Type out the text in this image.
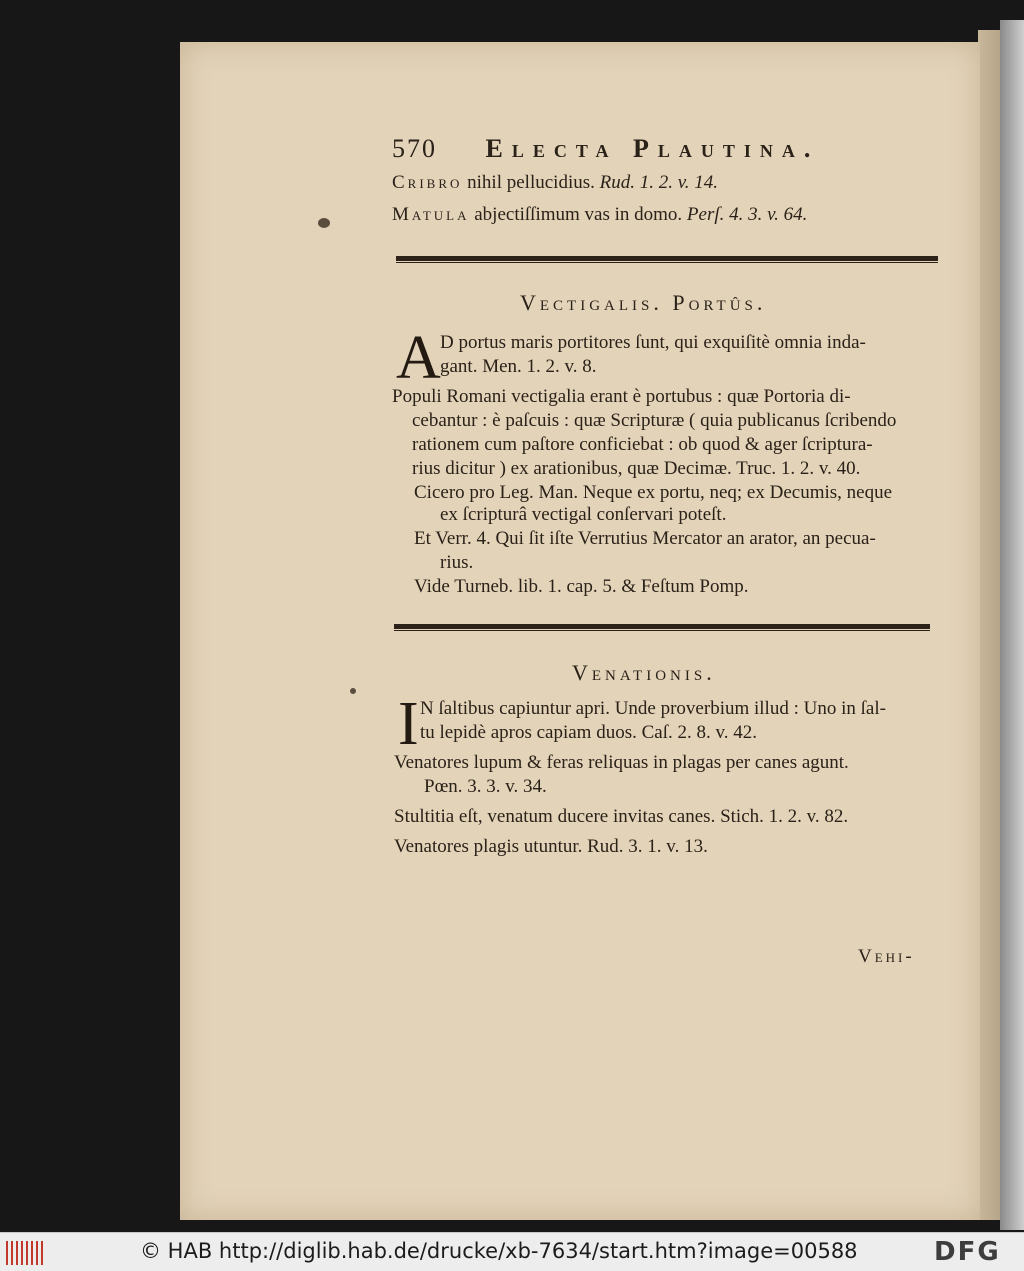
570 Electa Plautina.
Cribro nihil pellucidius. Rud. 1. 2. v. 14.
Matula abjectiſſimum vas in domo. Perſ. 4. 3. v. 64.
Vectigalis. Portûs.
A D portus maris portitores ſunt, qui exquiſitè omnia inda-
gant. Men. 1. 2. v. 8.
Populi Romani vectigalia erant è portubus : quæ Portoria di-
cebantur : è paſcuis : quæ Scripturæ ( quia publicanus ſcribendo
rationem cum paſtore conficiebat : ob quod & ager ſcriptura-
rius dicitur ) ex arationibus, quæ Decimæ. Truc. 1. 2. v. 40.
Cicero pro Leg. Man. Neque ex portu, neq; ex Decumis, neque
ex ſcripturâ vectigal conſervari poteſt.
Et Verr. 4. Qui ſit iſte Verrutius Mercator an arator, an pecua-
rius.
Vide Turneb. lib. 1. cap. 5. & Feſtum Pomp.
Venationis.
I N ſaltibus capiuntur apri. Unde proverbium illud : Uno in ſal-
tu lepidè apros capiam duos. Caſ. 2. 8. v. 42.
Venatores lupum & feras reliquas in plagas per canes agunt.
Pœn. 3. 3. v. 34.
Stultitia eſt, venatum ducere invitas canes. Stich. 1. 2. v. 82.
Venatores plagis utuntur. Rud. 3. 1. v. 13.
Vehi-
© HAB http://diglib.hab.de/drucke/xb-7634/start.htm?image=00588	DFG
